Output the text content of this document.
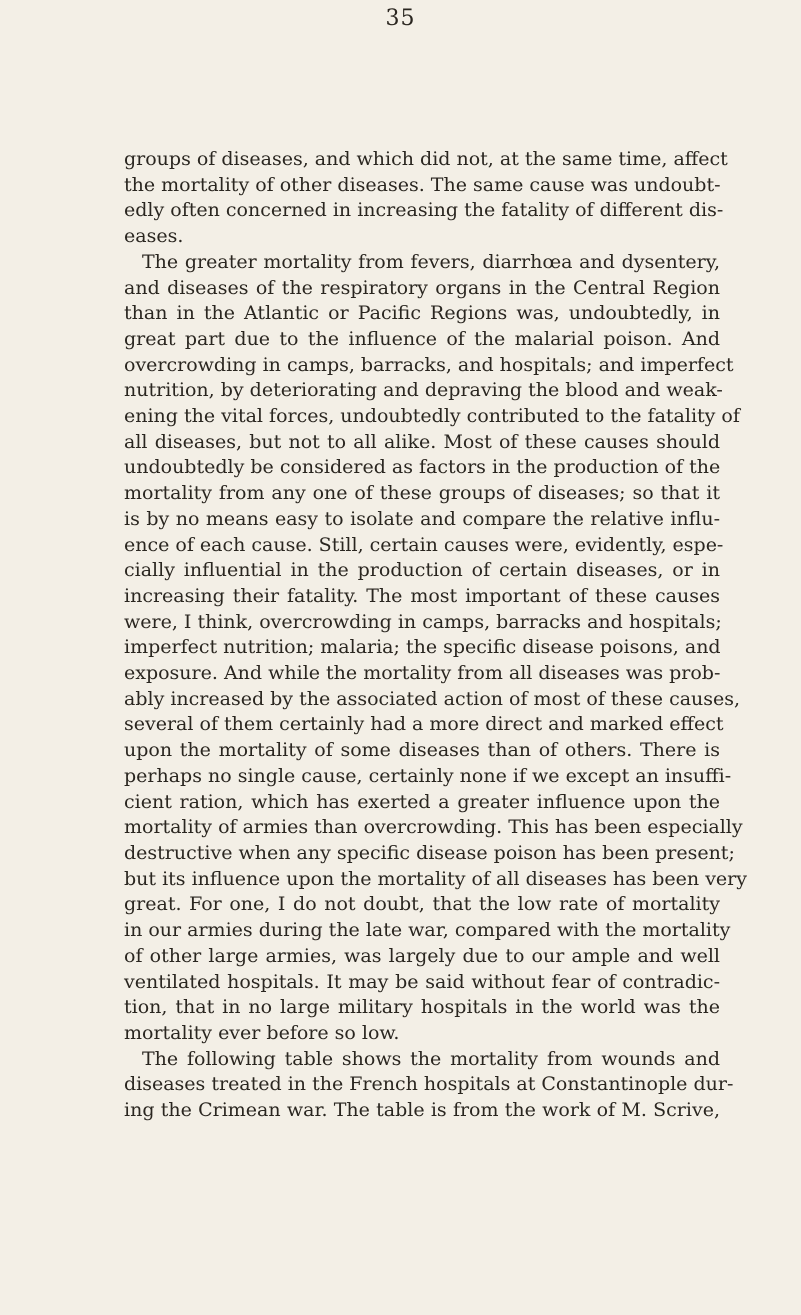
35
groups of diseases, and which did not, at the same time, affect
the mortality of other diseases. The same cause was undoubt-
edly often concerned in increasing the fatality of different dis-
eases.
The greater mortality from fevers, diarrhœa and dysentery,
and diseases of the respiratory organs in the Central Region
than in the Atlantic or Pacific Regions was, undoubtedly, in
great part due to the influence of the malarial poison. And
overcrowding in camps, barracks, and hospitals; and imperfect
nutrition, by deteriorating and depraving the blood and weak-
ening the vital forces, undoubtedly contributed to the fatality of
all diseases, but not to all alike. Most of these causes should
undoubtedly be considered as factors in the production of the
mortality from any one of these groups of diseases; so that it
is by no means easy to isolate and compare the relative influ-
ence of each cause. Still, certain causes were, evidently, espe-
cially influential in the production of certain diseases, or in
increasing their fatality. The most important of these causes
were, I think, overcrowding in camps, barracks and hospitals;
imperfect nutrition; malaria; the specific disease poisons, and
exposure. And while the mortality from all diseases was prob-
ably increased by the associated action of most of these causes,
several of them certainly had a more direct and marked effect
upon the mortality of some diseases than of others. There is
perhaps no single cause, certainly none if we except an insuffi-
cient ration, which has exerted a greater influence upon the
mortality of armies than overcrowding. This has been especially
destructive when any specific disease poison has been present;
but its influence upon the mortality of all diseases has been very
great. For one, I do not doubt, that the low rate of mortality
in our armies during the late war, compared with the mortality
of other large armies, was largely due to our ample and well
ventilated hospitals. It may be said without fear of contradic-
tion, that in no large military hospitals in the world was the
mortality ever before so low.
The following table shows the mortality from wounds and
diseases treated in the French hospitals at Constantinople dur-
ing the Crimean war. The table is from the work of M. Scrive,
